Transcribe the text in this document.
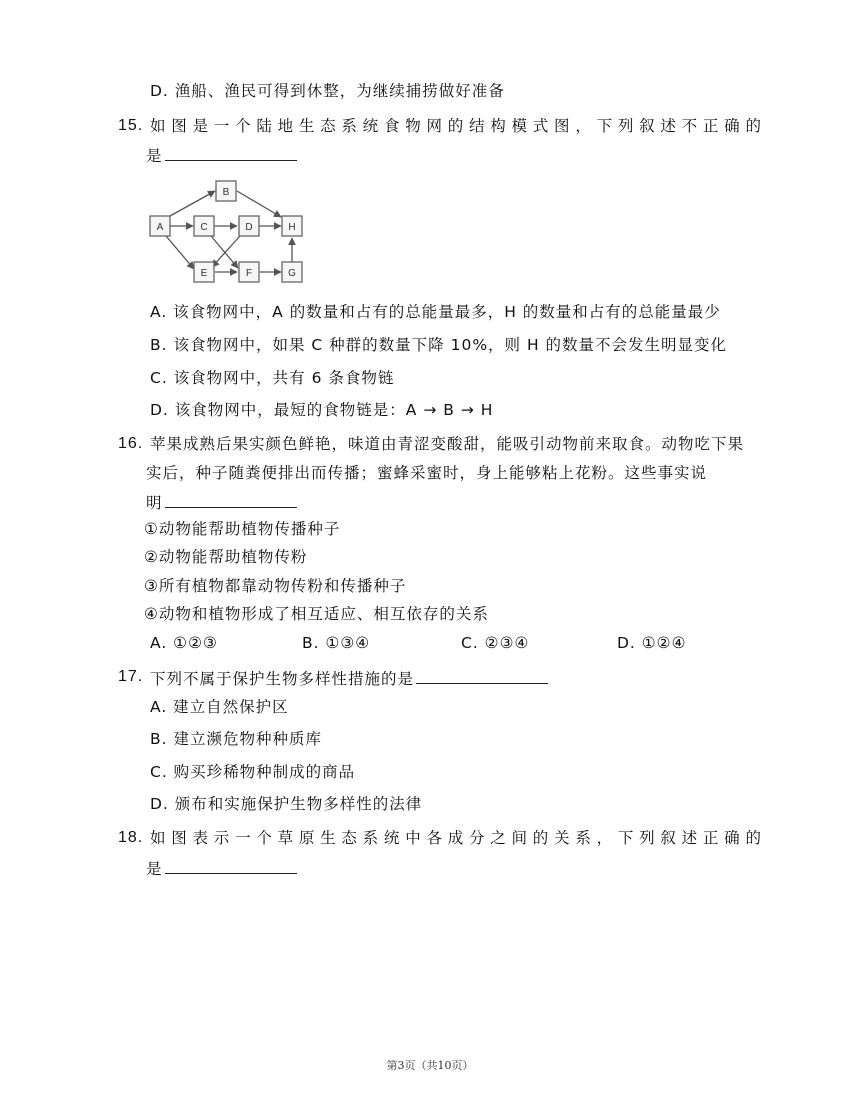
D. 渔船、渔民可得到休整，为继续捕捞做好准备
15. 如 图 是 一 个 陆 地 生 态 系 统 食 物 网 的 结 构 模 式 图 ， 下 列 叙 述 不 正 确 的
是
A
B
C	D
E	F	G
H
A. 该食物网中，A 的数量和占有的总能量最多，H 的数量和占有的总能量最少
B. 该食物网中，如果 C 种群的数量下降 10%，则 H 的数量不会发生明显变化
C. 该食物网中，共有 6 条食物链
D. 该食物网中，最短的食物链是：A → B → H
16. 苹果成熟后果实颜色鲜艳，味道由青涩变酸甜，能吸引动物前来取食。动物吃下果
实后，种子随粪便排出而传播；蜜蜂采蜜时，身上能够粘上花粉。这些事实说
明
①动物能帮助植物传播种子
②动物能帮助植物传粉
③所有植物都靠动物传粉和传播种子
④动物和植物形成了相互适应、相互依存的关系
A. ①②③	B. ①③④	C. ②③④	D. ①②④
17. 下列不属于保护生物多样性措施的是
A. 建立自然保护区
B. 建立濒危物种种质库
C. 购买珍稀物种制成的商品
D. 颁布和实施保护生物多样性的法律
18. 如 图 表 示 一 个 草 原 生 态 系 统 中 各 成 分 之 间 的 关 系 ， 下 列 叙 述 正 确 的
是
第3页（共10页）
